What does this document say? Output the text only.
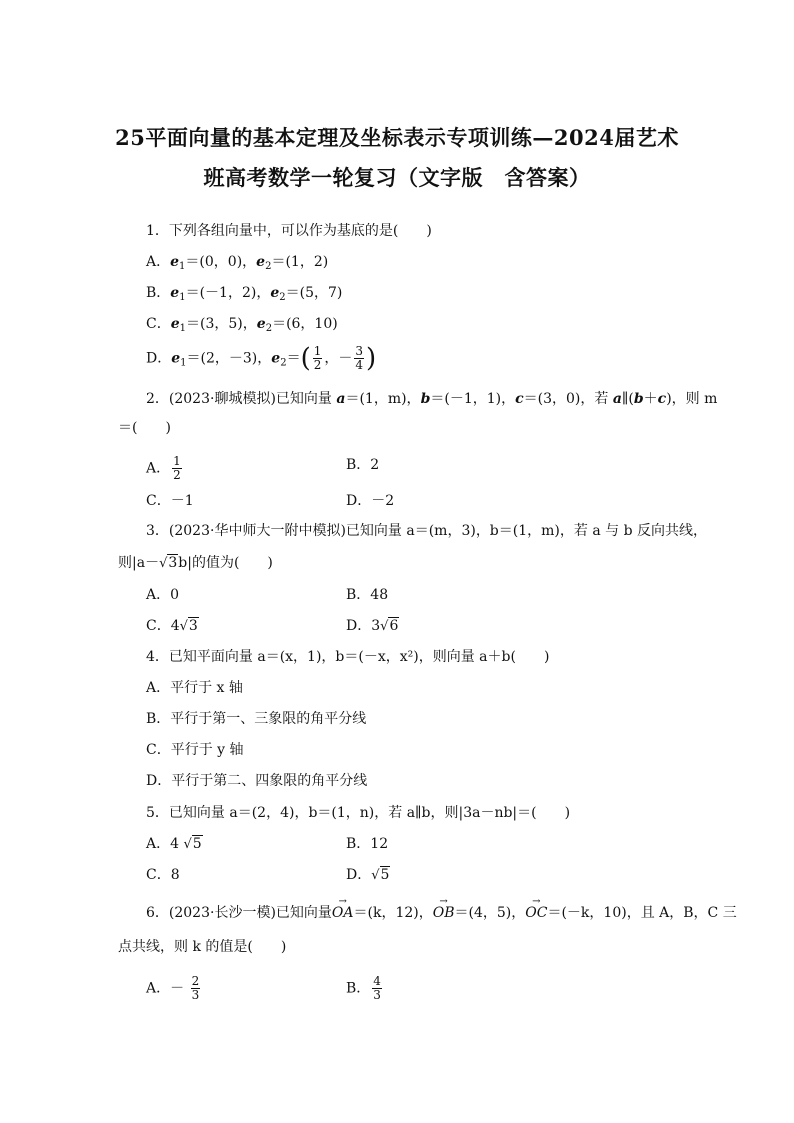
25平面向量的基本定理及坐标表示专项训练—2024届艺术
班高考数学一轮复习（文字版　含答案）
1．下列各组向量中，可以作为基底的是(　　)
A．$e_1=(0$，0)，$e_2=(1$，2)
B．$e_1=(-1$，2)，$e_2=(5$，7)
C．$e_1=(3$，5)，$e_2=(6$，10)
D．$e_1=(2$，－3)，$e_2=( \frac{1}{2}$ ，－ $\frac{3}{4}$ )
2．(2023·聊城模拟)已知向量 a＝(1，m)，b＝(－1，1)，c＝(3，0)，若 a∥(b＋c)，则 m
＝(　　)
A． $\frac{1}{2}$	B．2
C．－1	D．－2
3．(2023·华中师大一附中模拟)已知向量 a＝(m，3)，b＝(1，m)，若 a 与 b 反向共线，
则|a－√3b|的值为(　　)
A．0	B．48
C．4√3	D．3√6
4．已知平面向量 a＝(x，1)，b＝(－x，x²)，则向量 a＋b(　　)
A．平行于 x 轴
B．平行于第一、三象限的角平分线
C．平行于 y 轴
D．平行于第二、四象限的角平分线
5．已知向量 a＝(2，4)，b＝(1，n)，若 a∥b，则|3a－nb|＝(　　)
A．4 √5	B．12
C．8	D．√5
6．(2023·长沙一模)已知向量→ OA＝(k，12)，→ OB＝(4，5)，→ OC＝(－k，10)，且 A，B，C 三
点共线，则 k 的值是(　　)
A．－ $\frac{2}{3}$	B． $\frac{4}{3}$
